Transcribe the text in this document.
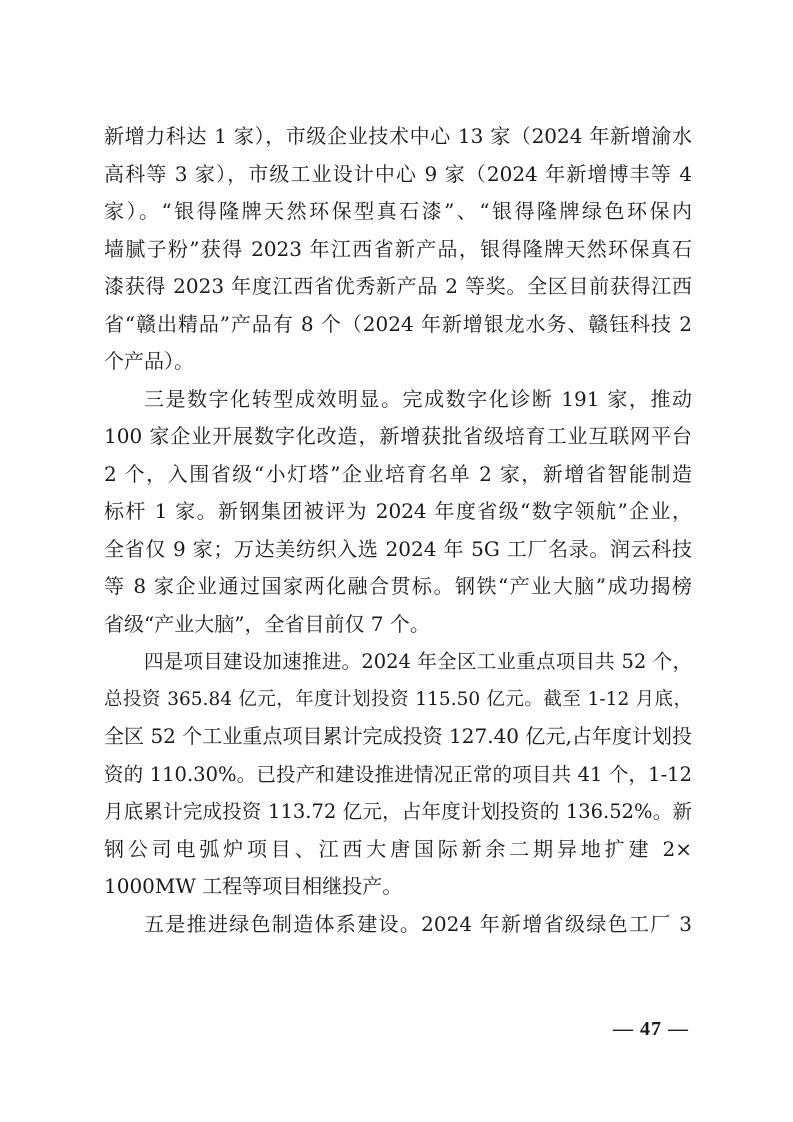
新增力科达 1 家），市级企业技术中心 13 家（2024 年新增渝水
高科等 3 家），市级工业设计中心 9 家（2024 年新增博丰等 4
家）。“银得隆牌天然环保型真石漆”、“银得隆牌绿色环保内
墙腻子粉”获得 2023 年江西省新产品，银得隆牌天然环保真石
漆获得 2023 年度江西省优秀新产品 2 等奖。全区目前获得江西
省“赣出精品”产品有 8 个（2024 年新增银龙水务、赣钰科技 2
个产品）。
三是数字化转型成效明显。完成数字化诊断 191 家，推动
100 家企业开展数字化改造，新增获批省级培育工业互联网平台
2 个，入围省级“小灯塔”企业培育名单 2 家，新增省智能制造
标杆 1 家。新钢集团被评为 2024 年度省级“数字领航”企业，
全省仅 9 家；万达美纺织入选 2024 年 5G 工厂名录。润云科技
等 8 家企业通过国家两化融合贯标。钢铁“产业大脑”成功揭榜
省级“产业大脑”，全省目前仅 7 个。
四是项目建设加速推进。2024 年全区工业重点项目共 52 个，
总投资 365.84 亿元，年度计划投资 115.50 亿元。截至 1-12 月底，
全区 52 个工业重点项目累计完成投资 127.40 亿元,占年度计划投
资的 110.30%。已投产和建设推进情况正常的项目共 41 个，1-12
月底累计完成投资 113.72 亿元，占年度计划投资的 136.52%。新
钢公司电弧炉项目、江西大唐国际新余二期异地扩建 2×
1000MW 工程等项目相继投产。
五是推进绿色制造体系建设。2024 年新增省级绿色工厂 3
— 47 —
